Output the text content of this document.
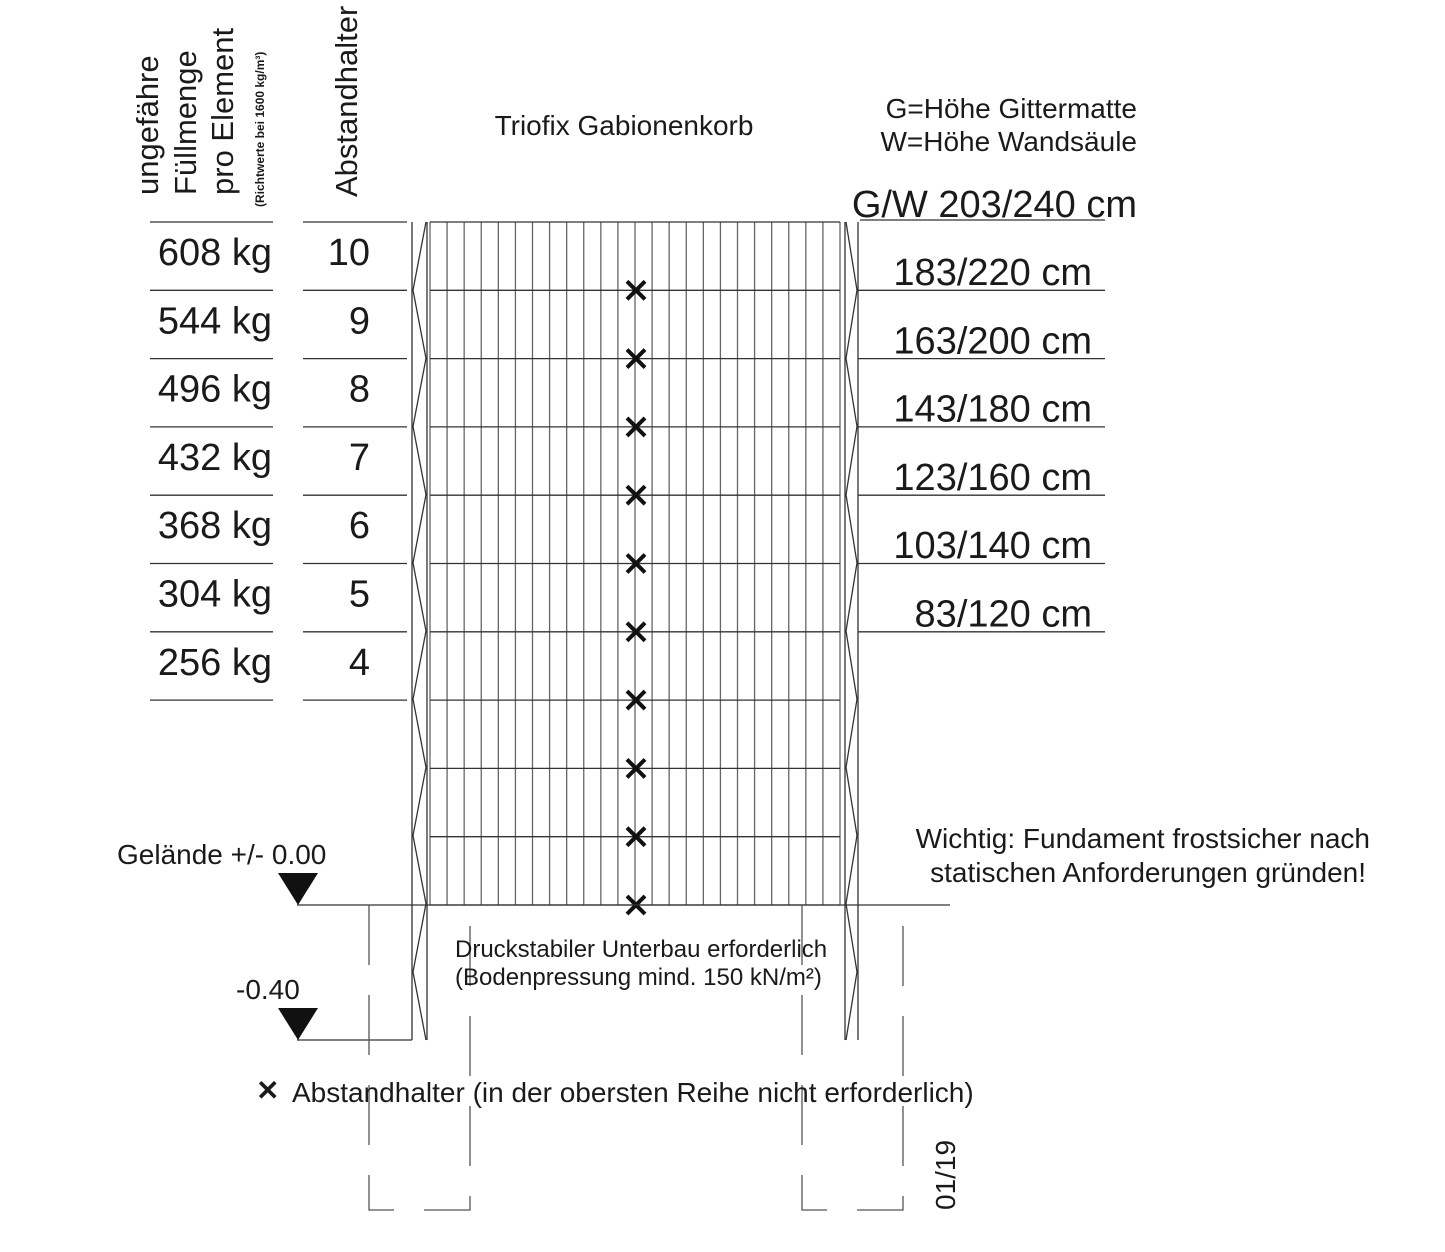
ungefähre Füllmenge pro Element (Richtwerte bei 1600 kg/m³) Abstandhalter	Triofix Gabionenkorb
G=Höhe Gittermatte
W=Höhe Wandsäule
608 kg 10
G/W 203/240 cm
544 kg 9
183/220 cm
496 kg 8
163/200 cm
432 kg 7
143/180 cm
368 kg 6
123/160 cm
304 kg 5
103/140 cm
256 kg 4
83/120 cm
Gelände +/- 0.00
-0.40
Wichtig: Fundament frostsicher nach
statischen Anforderungen gründen!
Druckstabiler Unterbau erforderlich
(Bodenpressung mind. 150 kN/m²)
✕ Abstandhalter (in der obersten Reihe nicht erforderlich)
01/19
